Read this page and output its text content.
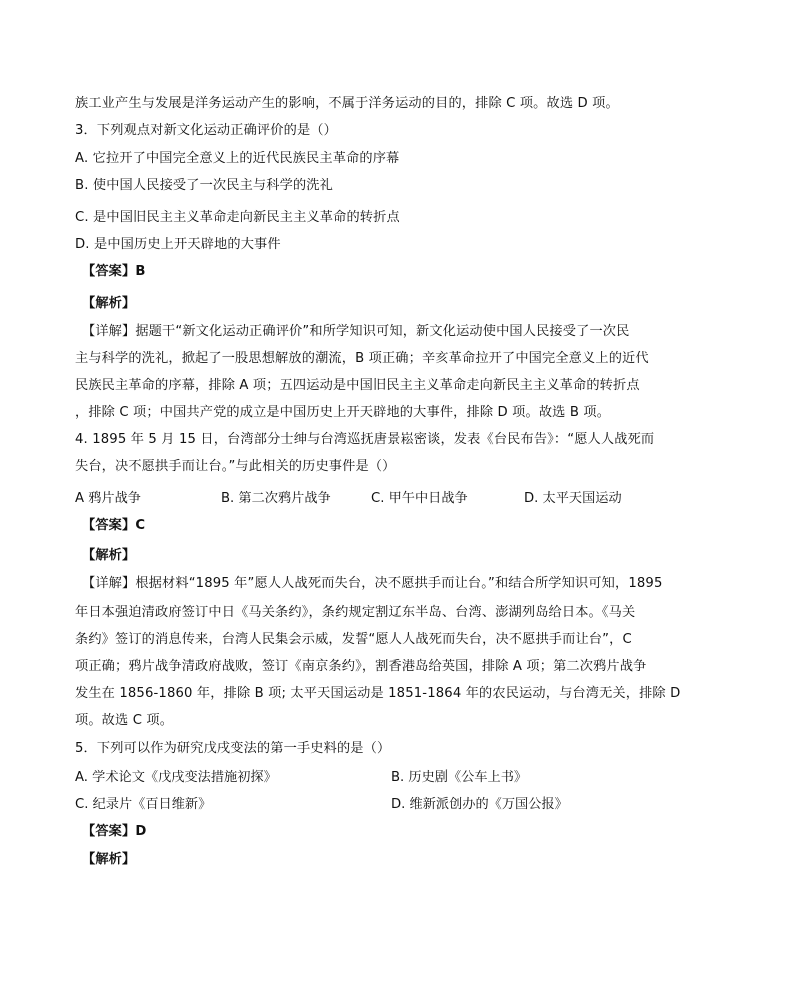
族工业产生与发展是洋务运动产生的影响，不属于洋务运动的目的，排除 C 项。故选 D 项。
3．下列观点对新文化运动正确评价的是（）
A. 它拉开了中国完全意义上的近代民族民主革命的序幕
B. 使中国人民接受了一次民主与科学的洗礼
C. 是中国旧民主主义革命走向新民主主义革命的转折点
D. 是中国历史上开天辟地的大事件
【答案】B
【解析】
【详解】据题干“新文化运动正确评价”和所学知识可知，新文化运动使中国人民接受了一次民
主与科学的洗礼，掀起了一股思想解放的潮流，B 项正确；辛亥革命拉开了中国完全意义上的近代
民族民主革命的序幕，排除 A 项；五四运动是中国旧民主主义革命走向新民主主义革命的转折点
，排除 C 项；中国共产党的成立是中国历史上开天辟地的大事件，排除 D 项。故选 B 项。
4. 1895 年 5 月 15 日，台湾部分士绅与台湾巡抚唐景崧密谈，发表《台民布告》：“愿人人战死而
失台，决不愿拱手而让台。”与此相关的历史事件是（）
A 鸦片战争	B. 第二次鸦片战争	C. 甲午中日战争	D. 太平天国运动
【答案】C
【解析】
【详解】根据材料“1895 年”愿人人战死而失台，决不愿拱手而让台。”和结合所学知识可知，1895
年日本强迫清政府签订中日《马关条约》，条约规定割辽东半岛、台湾、澎湖列岛给日本。《马关
条约》签订的消息传来，台湾人民集会示威，发誓“愿人人战死而失台，决不愿拱手而让台”，C
项正确；鸦片战争清政府战败，签订《南京条约》，割香港岛给英国，排除 A 项；第二次鸦片战争
发生在 1856-1860 年，排除 B 项; 太平天国运动是 1851-1864 年的农民运动，与台湾无关，排除 D
项。故选 C 项。
5．下列可以作为研究戊戌变法的第一手史料的是（）
A. 学术论文《戊戌变法措施初探》	B. 历史剧《公车上书》
C. 纪录片《百日维新》	D. 维新派创办的《万国公报》
【答案】D
【解析】
